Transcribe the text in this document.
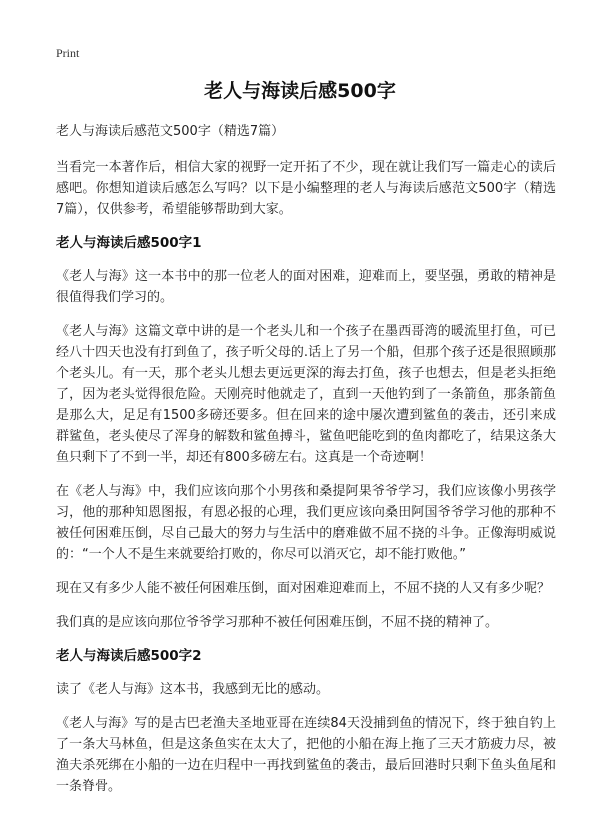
Print
老人与海读后感500字

老人与海读后感范文500字（精选7篇）

当看完一本著作后，相信大家的视野一定开拓了不少，现在就让我们写一篇走心的读后感吧。你想知道读后感怎么写吗？以下是小编整理的老人与海读后感范文500字（精选7篇），仅供参考，希望能够帮助到大家。

老人与海读后感500字1

《老人与海》这一本书中的那一位老人的面对困难，迎难而上，要坚强，勇敢的精神是很值得我们学习的。

《老人与海》这篇文章中讲的是一个老头儿和一个孩子在墨西哥湾的暖流里打鱼，可已经八十四天也没有打到鱼了，孩子听父母的.话上了另一个船，但那个孩子还是很照顾那个老头儿。有一天，那个老头儿想去更远更深的海去打鱼，孩子也想去，但是老头拒绝了，因为老头觉得很危险。天刚亮时他就走了，直到一天他钓到了一条箭鱼，那条箭鱼是那么大，足足有1500多磅还要多。但在回来的途中屡次遭到鲨鱼的袭击，还引来成群鲨鱼，老头使尽了浑身的解数和鲨鱼搏斗，鲨鱼吧能吃到的鱼肉都吃了，结果这条大鱼只剩下了不到一半，却还有800多磅左右。这真是一个奇迹啊！

在《老人与海》中，我们应该向那个小男孩和桑提阿果爷爷学习，我们应该像小男孩学习，他的那种知恩图报，有恩必报的心理，我们更应该向桑田阿国爷爷学习他的那种不被任何困难压倒，尽自己最大的努力与生活中的磨难做不屈不挠的斗争。正像海明威说的：“一个人不是生来就要给打败的，你尽可以消灭它，却不能打败他。”

现在又有多少人能不被任何困难压倒，面对困难迎难而上，不屈不挠的人又有多少呢？

我们真的是应该向那位爷爷学习那种不被任何困难压倒，不屈不挠的精神了。

老人与海读后感500字2

读了《老人与海》这本书，我感到无比的感动。

《老人与海》写的是古巴老渔夫圣地亚哥在连续84天没捕到鱼的情况下，终于独自钓上了一条大马林鱼，但是这条鱼实在太大了，把他的小船在海上拖了三天才筋疲力尽，被渔夫杀死绑在小船的一边在归程中一再找到鲨鱼的袭击，最后回港时只剩下鱼头鱼尾和一条脊骨。
